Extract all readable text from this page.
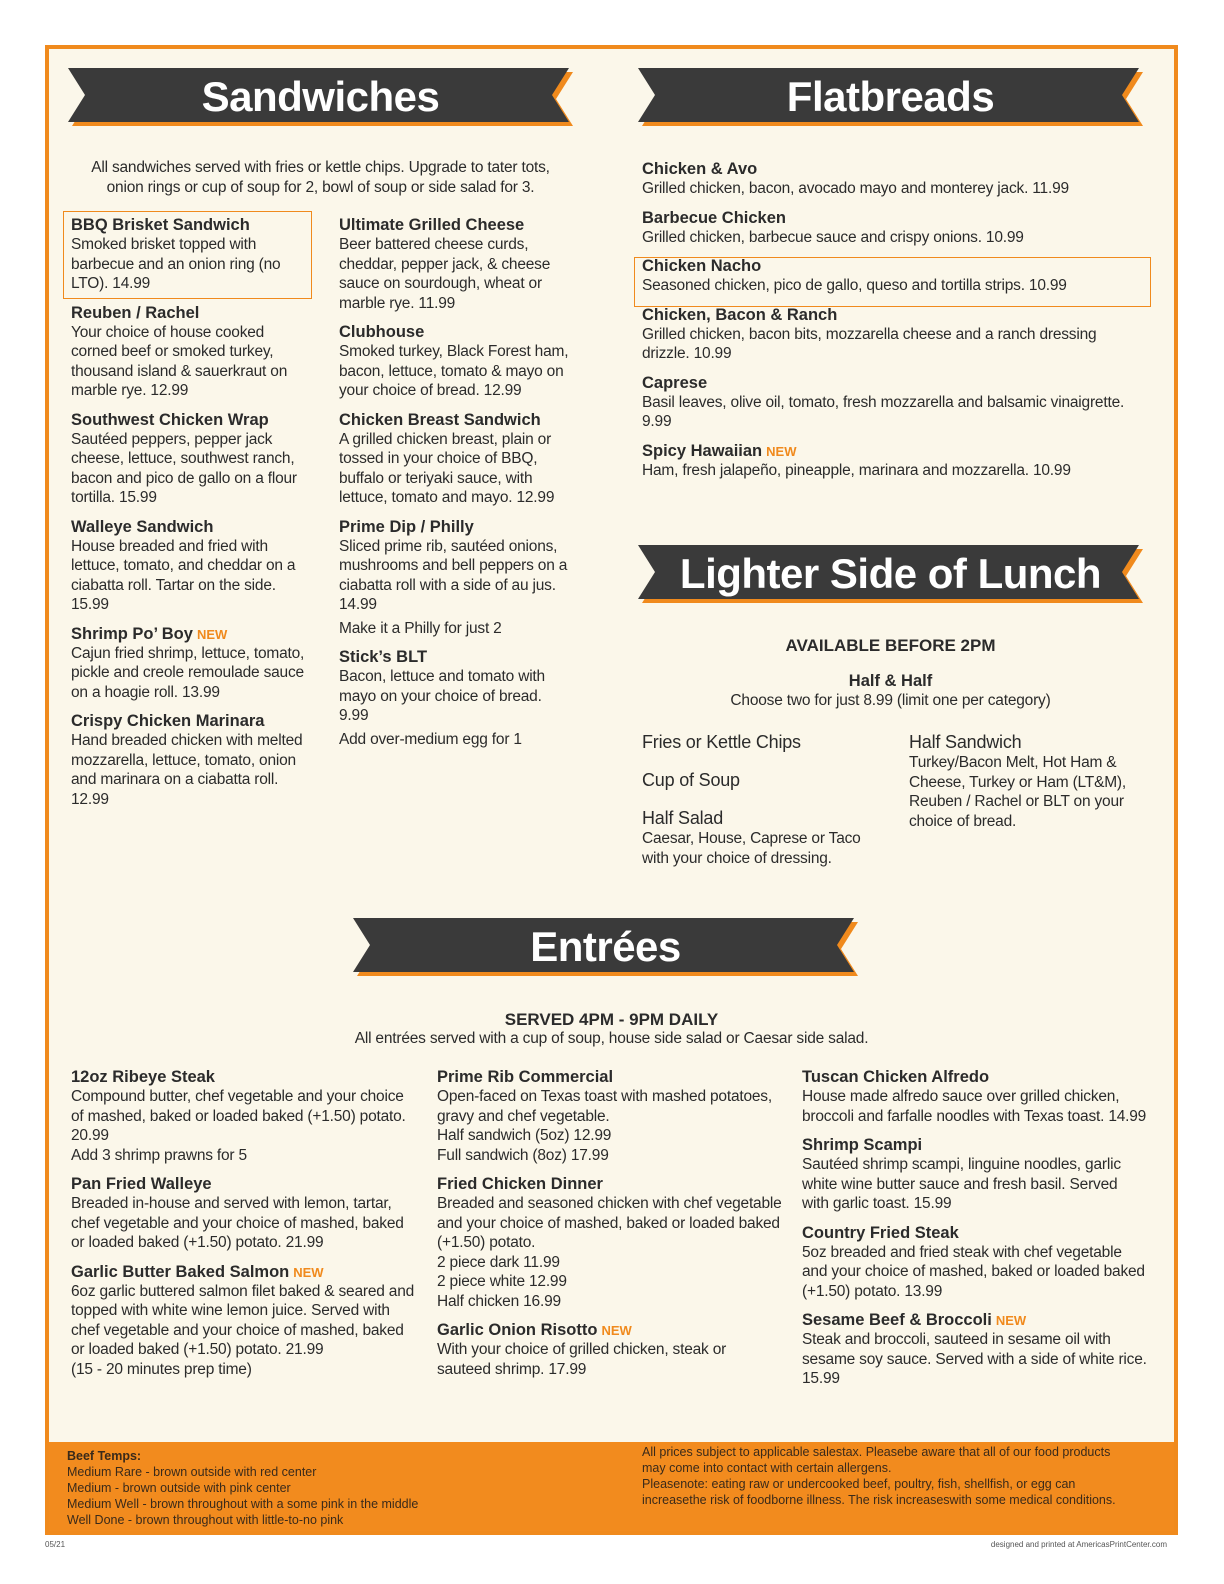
Sandwiches	Flatbreads
Lighter Side of Lunch
Entrées
All sandwiches served with fries or kettle chips. Upgrade to tater tots,
onion rings or cup of soup for 2, bowl of soup or side salad for 3.
BBQ Brisket Sandwich
Smoked brisket topped with barbecue and an onion ring (no LTO). 14.99
Reuben / Rachel
Your choice of house cooked corned beef or smoked turkey, thousand island & sauerkraut on marble rye. 12.99
Southwest Chicken Wrap
Sautéed peppers, pepper jack cheese, lettuce, southwest ranch, bacon and pico de gallo on a flour tortilla. 15.99
Walleye Sandwich
House breaded and fried with lettuce, tomato, and cheddar on a ciabatta roll. Tartar on the side. 15.99
Shrimp Po’ Boy NEW
Cajun fried shrimp, lettuce, tomato, pickle and creole remoulade sauce on a hoagie roll. 13.99
Crispy Chicken Marinara
Hand breaded chicken with melted mozzarella, lettuce, tomato, onion and marinara on a ciabatta roll. 12.99
Ultimate Grilled Cheese
Beer battered cheese curds, cheddar, pepper jack, & cheese sauce on sourdough, wheat or marble rye. 11.99
Clubhouse
Smoked turkey, Black Forest ham, bacon, lettuce, tomato & mayo on your choice of bread. 12.99
Chicken Breast Sandwich
A grilled chicken breast, plain or tossed in your choice of BBQ, buffalo or teriyaki sauce, with lettuce, tomato and mayo. 12.99
Prime Dip / Philly
Sliced prime rib, sautéed onions, mushrooms and bell peppers on a ciabatta roll with a side of au jus. 14.99
Make it a Philly for just 2
Stick’s BLT
Bacon, lettuce and tomato with mayo on your choice of bread. 9.99
Add over-medium egg for 1
Chicken & Avo
Grilled chicken, bacon, avocado mayo and monterey jack. 11.99
Barbecue Chicken
Grilled chicken, barbecue sauce and crispy onions. 10.99
Chicken Nacho
Seasoned chicken, pico de gallo, queso and tortilla strips. 10.99
Chicken, Bacon & Ranch
Grilled chicken, bacon bits, mozzarella cheese and a ranch dressing drizzle. 10.99
Caprese
Basil leaves, olive oil, tomato, fresh mozzarella and balsamic vinaigrette. 9.99
Spicy Hawaiian NEW
Ham, fresh jalapeño, pineapple, marinara and mozzarella. 10.99
AVAILABLE BEFORE 2PM
Half & Half
Choose two for just 8.99 (limit one per category)
Fries or Kettle Chips
Cup of Soup
Half Salad
Caesar, House, Caprese or Taco with your choice of dressing.
Half Sandwich
Turkey/Bacon Melt, Hot Ham & Cheese, Turkey or Ham (LT&M), Reuben / Rachel or BLT on your choice of bread.
SERVED 4PM - 9PM DAILY
All entrées served with a cup of soup, house side salad or Caesar side salad.
12oz Ribeye Steak
Compound butter, chef vegetable and your choice of mashed, baked or loaded baked (+1.50) potato. 20.99
Add 3 shrimp prawns for 5
Pan Fried Walleye
Breaded in-house and served with lemon, tartar, chef vegetable and your choice of mashed, baked or loaded baked (+1.50) potato. 21.99
Garlic Butter Baked Salmon NEW
6oz garlic buttered salmon filet baked & seared and topped with white wine lemon juice. Served with chef vegetable and your choice of mashed, baked or loaded baked (+1.50) potato. 21.99
(15 - 20 minutes prep time)
Prime Rib Commercial
Open-faced on Texas toast with mashed potatoes, gravy and chef vegetable.
Half sandwich (5oz) 12.99
Full sandwich (8oz) 17.99
Fried Chicken Dinner
Breaded and seasoned chicken with chef vegetable and your choice of mashed, baked or loaded baked (+1.50) potato.
2 piece dark 11.99
2 piece white 12.99
Half chicken 16.99
Garlic Onion Risotto NEW
With your choice of grilled chicken, steak or sauteed shrimp. 17.99
Tuscan Chicken Alfredo
House made alfredo sauce over grilled chicken, broccoli and farfalle noodles with Texas toast. 14.99
Shrimp Scampi
Sautéed shrimp scampi, linguine noodles, garlic white wine butter sauce and fresh basil. Served with garlic toast. 15.99
Country Fried Steak
5oz breaded and fried steak with chef vegetable and your choice of mashed, baked or loaded baked (+1.50) potato. 13.99
Sesame Beef & Broccoli NEW
Steak and broccoli, sauteed in sesame oil with sesame soy sauce. Served with a side of white rice. 15.99
Beef Temps:
Medium Rare - brown outside with red center
Medium - brown outside with pink center
Medium Well - brown throughout with a some pink in the middle
Well Done - brown throughout with little-to-no pink
All prices subject to applicable salestax. Pleasebe aware that all of our food products
may come into contact with certain allergens.
Pleasenote: eating raw or undercooked beef, poultry, fish, shellfish, or egg can
increasethe risk of foodborne illness. The risk increaseswith some medical conditions.
05/21	designed and printed at AmericasPrintCenter.com
